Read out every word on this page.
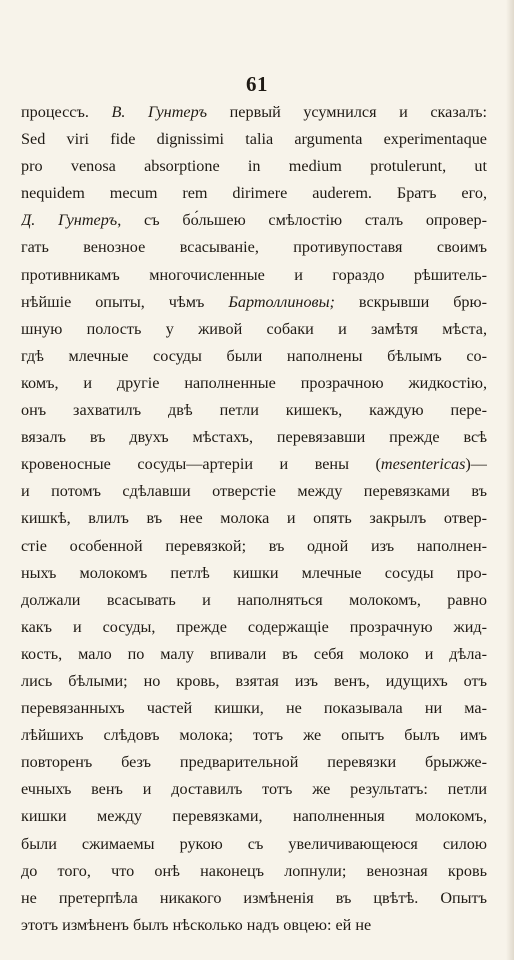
61
процессъ. В. Гунтеръ первый усумнился и сказалъ:
Sed viri fide dignissimi talia argumenta experimentaque
pro venosa absorptione in medium protulerunt, ut
nequidem mecum rem dirimere auderem. Братъ его,
Д. Гунтеръ, съ бо́льшею смѣлостію сталъ опровер-
гать венозное всасываніе, противупоставя своимъ
противникамъ многочисленные и гораздо рѣшитель-
нѣйшіе опыты, чѣмъ Бартоллиновы; вскрывши брю-
шную полость у живой собаки и замѣтя мѣста,
гдѣ млечные сосуды были наполнены бѣлымъ со-
комъ, и другіе наполненные прозрачною жидкостію,
онъ захватилъ двѣ петли кишекъ, каждую пере-
вязалъ въ двухъ мѣстахъ, перевязавши прежде всѣ
кровеносные сосуды—артеріи и вены (mesentericas)—
и потомъ сдѣлавши отверстіе между перевязками въ
кишкѣ, влилъ въ нее молока и опять закрылъ отвер-
стіе особенной перевязкой; въ одной изъ наполнен-
ныхъ молокомъ петлѣ кишки млечные сосуды про-
должали всасывать и наполняться молокомъ, равно
какъ и сосуды, прежде содержащіе прозрачную жид-
кость, мало по малу впивали въ себя молоко и дѣла-
лись бѣлыми; но кровь, взятая изъ венъ, идущихъ отъ
перевязанныхъ частей кишки, не показывала ни ма-
лѣйшихъ слѣдовъ молока; тотъ же опытъ былъ имъ
повторенъ безъ предварительной перевязки брыжже-
ечныхъ венъ и доставилъ тотъ же результатъ: петли
кишки между перевязками, наполненныя молокомъ,
были сжимаемы рукою съ увеличивающеюся силою
до того, что онѣ наконецъ лопнули; венозная кровь
не претерпѣла никакого измѣненія въ цвѣтѣ. Опытъ
этотъ измѣненъ былъ нѣсколько надъ овцею: ей не
